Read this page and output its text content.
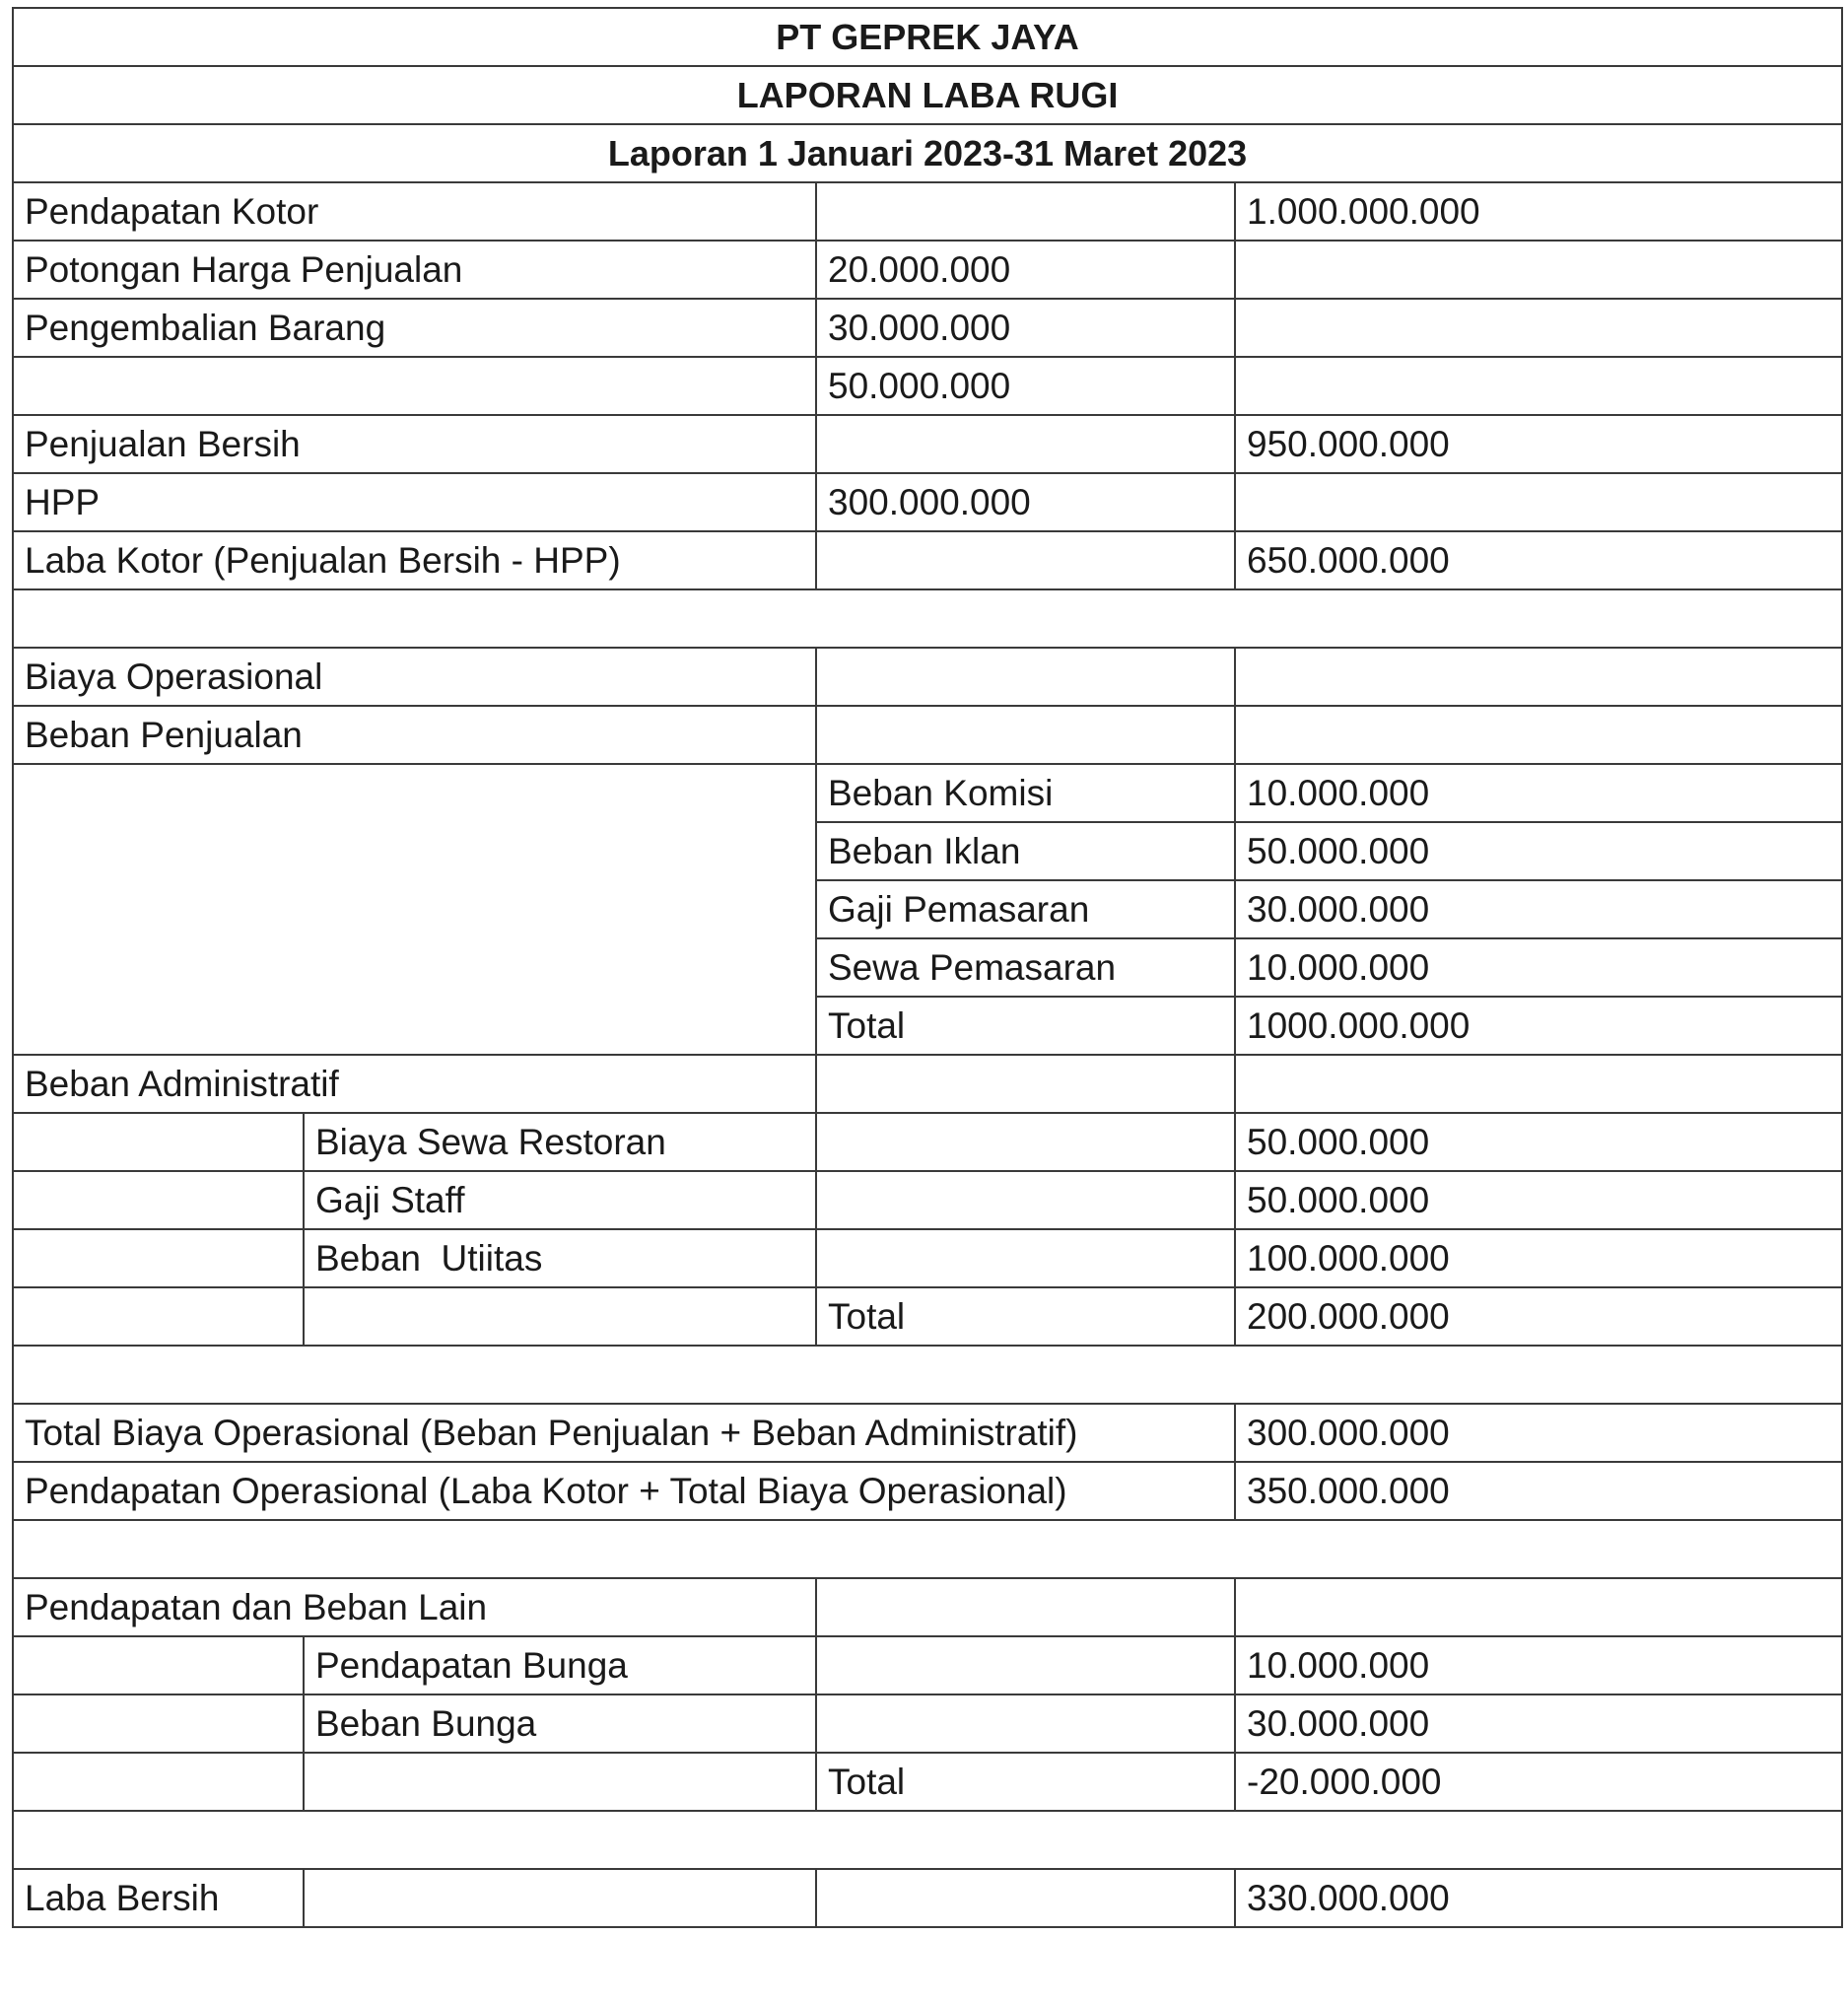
PT GEPREK JAYA			
LAPORAN LABA RUGI			
Laporan 1 Januari 2023-31 Maret 2023			
Pendapatan Kotor			1.000.000.000
Potongan Harga Penjualan		20.000.000	
Pengembalian Barang		30.000.000	
		50.000.000	
Penjualan Bersih			950.000.000
HPP		300.000.000	
Laba Kotor (Penjualan Bersih - HPP)			650.000.000

Biaya Operasional			
Beban Penjualan			
		Beban Komisi	10.000.000
		Beban Iklan	50.000.000
		Gaji Pemasaran	30.000.000
		Sewa Pemasaran	10.000.000
		Total	1000.000.000
Beban Administratif			
	Biaya Sewa Restoran		50.000.000
	Gaji Staff		50.000.000
	Beban  Utiitas		100.000.000
		Total	200.000.000

Total Biaya Operasional (Beban Penjualan + Beban Administratif)			300.000.000
Pendapatan Operasional (Laba Kotor + Total Biaya Operasional)			350.000.000

Pendapatan dan Beban Lain			
	Pendapatan Bunga		10.000.000
	Beban Bunga		30.000.000
		Total	-20.000.000

Laba Bersih			330.000.000
